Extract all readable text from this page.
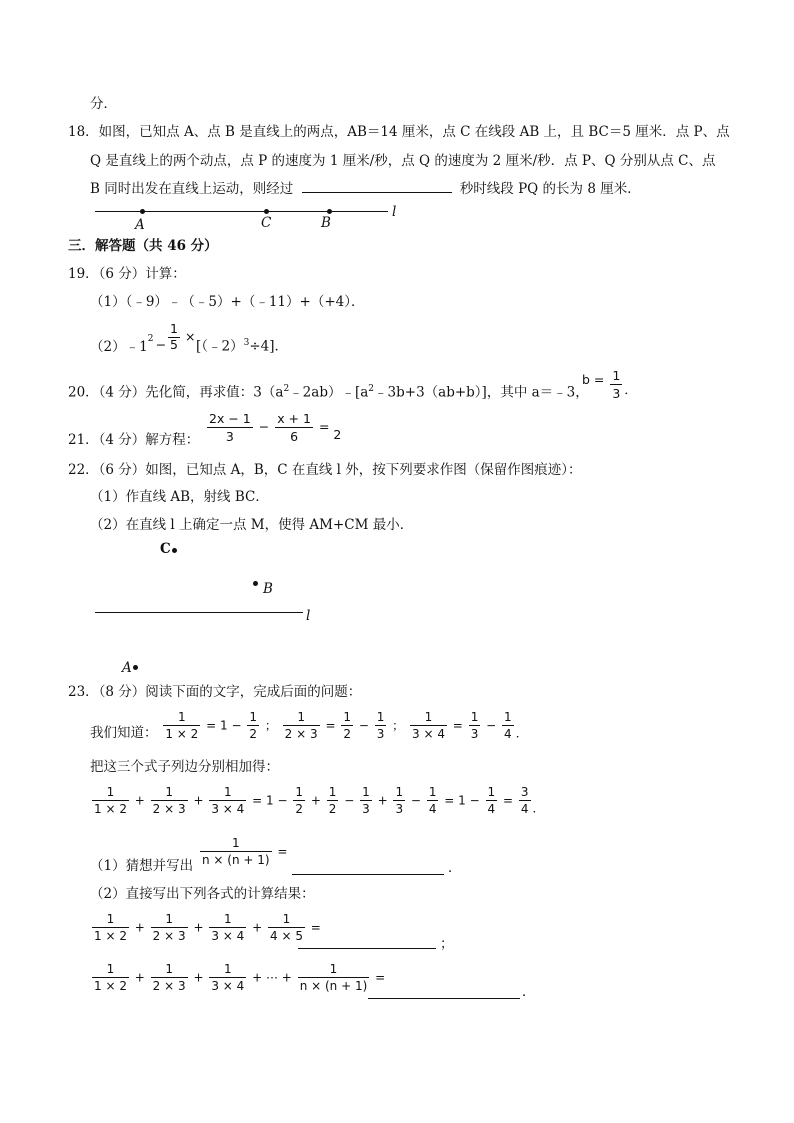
分．
18．如图，已知点 A、点 B 是直线上的两点，AB＝14 厘米，点 C 在线段 AB 上，且 BC＝5 厘米．点 P、点
Q 是直线上的两个动点，点 P 的速度为 1 厘米/秒，点 Q 的速度为 2 厘米/秒．点 P、Q 分别从点 C、点
B 同时出发在直线上运动，则经过	秒时线段 PQ 的长为 8 厘米．
A	C	B
l
三．解答题（共 46 分）
19．（6 分）计算：
（1）（﹣9）﹣（﹣5）+（﹣11）+（+4）．
$(2)﹣1^2 - \frac{1}{5}$ ×
[（﹣2）$^3$÷4]．
20．（4 分）先化简，再求值：$3(a^2﹣2ab)﹣[a^2﹣3b+3(ab+b)]$，其中 a＝﹣3，
$b = \frac{1}{3}$ ．
21．（4 分）解方程： $\frac{2x - 1}{3} - \frac{x + 1}{6} = 2$
22．（6 分）如图，已知点 A，B，C 在直线 l 外，按下列要求作图（保留作图痕迹）：
（1）作直线 AB，射线 BC．
（2）在直线 l 上确定一点 M，使得 AM+CM 最小．
C
B
l
A
23．（8 分）阅读下面的文字，完成后面的问题：
我们知道： $\frac{1}{1 \times 2} = 1 - \frac{1}{2}$ ； $\frac{1}{2 \times 3} = \frac{1}{2} - \frac{1}{3}$ ； $\frac{1}{3 \times 4} = \frac{1}{3} - \frac{1}{4}$ ．
把这三个式子列边分别相加得：
$\frac{1}{1 \times 2} + \frac{1}{2 \times 3} + \frac{1}{3 \times 4} = 1 - \frac{1}{2} + \frac{1}{2} - \frac{1}{3} + \frac{1}{3} - \frac{1}{4} = 1 - \frac{1}{4} = \frac{3}{4}$ ．
（1）猜想并写出 $\frac{1}{n \times (n + 1)}$ =
．
（2）直接写出下列各式的计算结果：
$\frac{1}{1 \times 2} + \frac{1}{2 \times 3} + \frac{1}{3 \times 4} + \frac{1}{4 \times 5}$ =
；
$\frac{1}{1 \times 2} + \frac{1}{2 \times 3} + \frac{1}{3 \times 4}$ + ⋯ + $\frac{1}{n \times (n + 1)}$ =
．
